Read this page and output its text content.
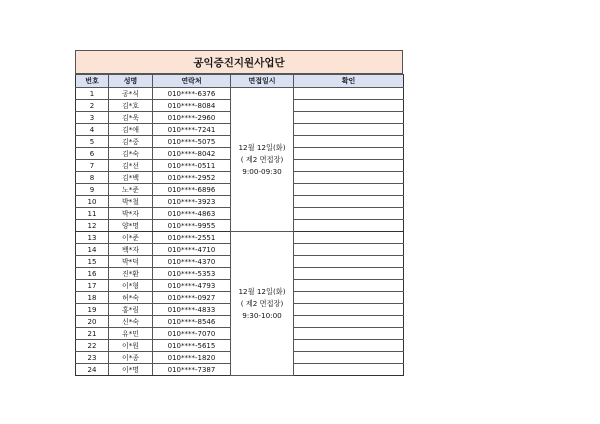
공익증진지원사업단
번호	성명	연락처	면접일시	확인
1	공*식	010****-6376	12월 12일(화)
( 제2 면접장)
9:00-09:30	

2	김*호	010****-8084		
3	김*욱	010****-2960		
4	김*애	010****-7241		
5	김*중	010****-5075		
6	김*숙	010****-8042		
7	김*선	010****-0511		
8	김*백	010****-2952		
9	노*준	010****-6896		
10	박*철	010****-3923		
11	박*자	010****-4863		
12	양*명	010****-9955		
13	이*준	010****-2551	12월 12일(화)
( 제2 면접장)
9:30-10:00	

14	백*자	010****-4710		
15	박*덕	010****-4370		
16	진*환	010****-5353		
17	이*형	010****-4793		
18	허*숙	010****-0927		
19	홍*림	010****-4833		
20	신*숙	010****-8546		
21	유*민	010****-7070		
22	이*원	010****-5615		
23	이*종	010****-1820		
24	이*명	010****-7387		
